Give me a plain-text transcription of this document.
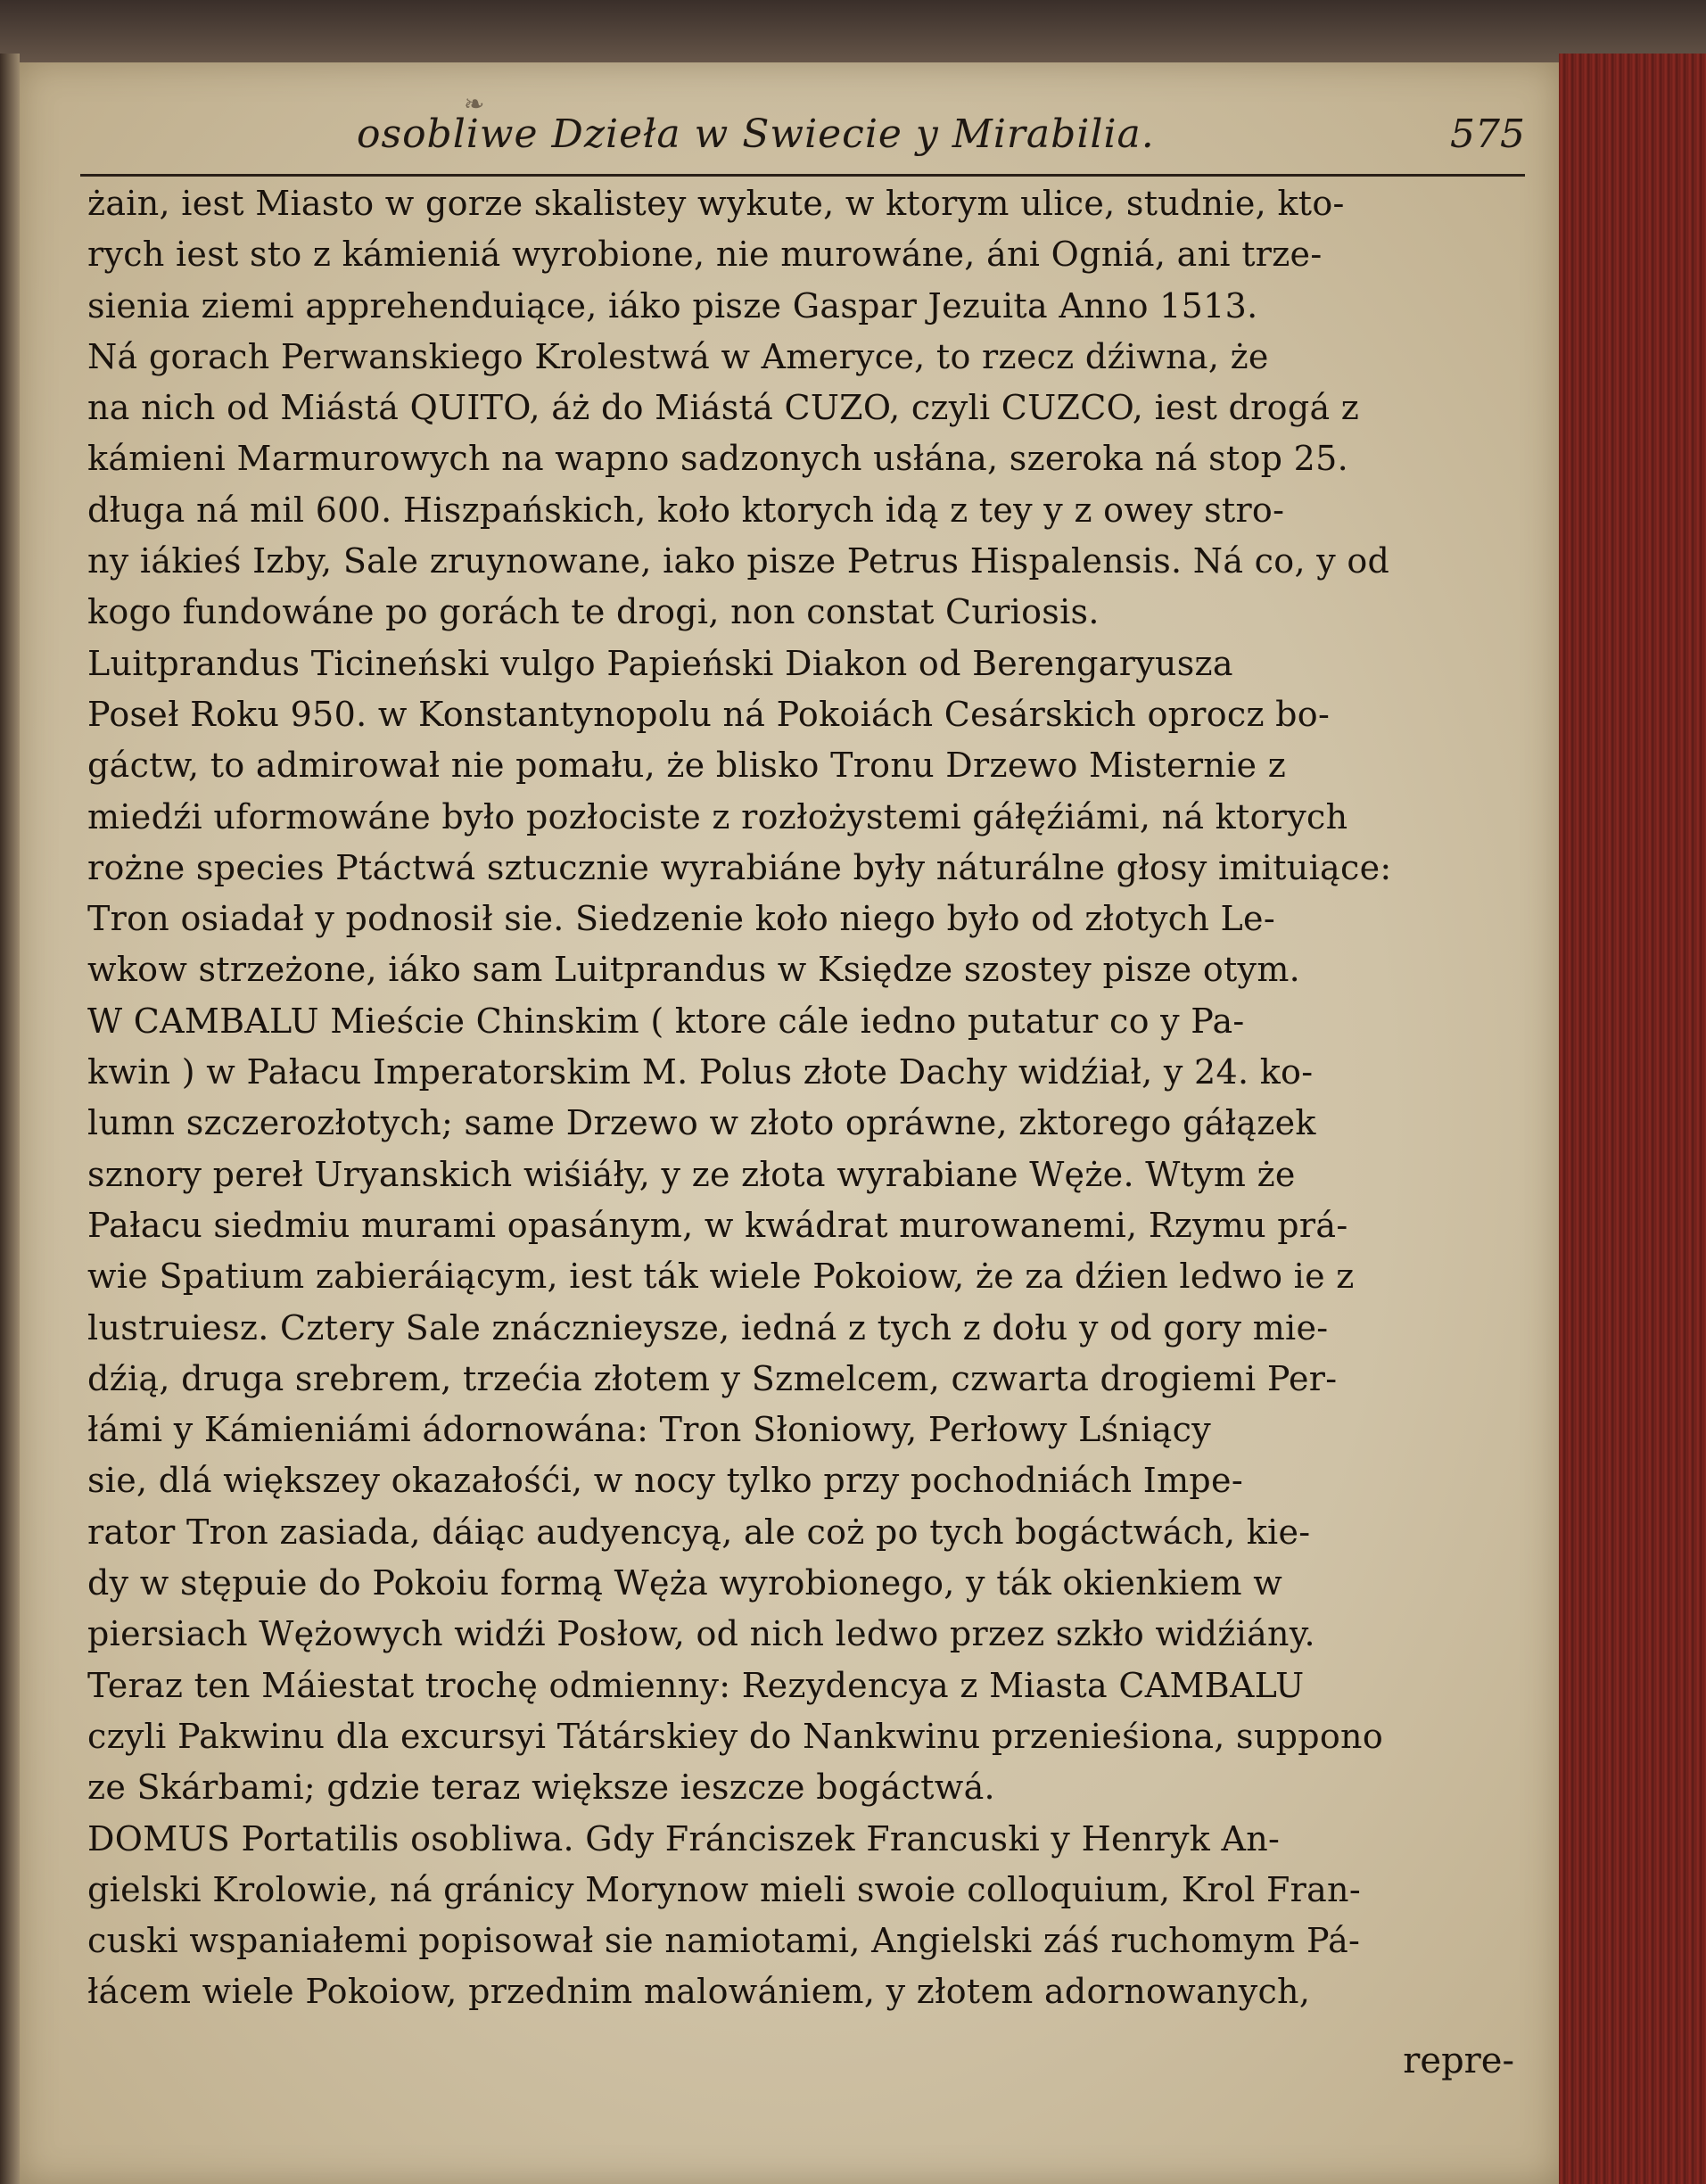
❧
osobliwe Dzieła w Swiecie y Mirabilia.	575
żain, iest Miasto w gorze skalistey wykute, w ktorym ulice, studnie, kto-
rych iest sto z kámieniá wyrobione, nie murowáne, áni Ogniá, ani trze-
sienia ziemi apprehenduiące, iáko pisze Gaspar Jezuita Anno 1513.
Ná gorach Perwanskiego Krolestwá w Ameryce, to rzecz dźiwna, że
na nich od Miástá QUITO, áż do Miástá CUZO, czyli CUZCO, iest drogá z
kámieni Marmurowych na wapno sadzonych usłána, szeroka ná stop 25.
długa ná mil 600. Hiszpańskich, koło ktorych idą z tey y z owey stro-
ny iákieś Izby, Sale zruynowane, iako pisze Petrus Hispalensis. Ná co, y od
kogo fundowáne po gorách te drogi, non constat Curiosis.
Luitprandus Ticineński vulgo Papieński Diakon od Berengaryusza
Poseł Roku 950. w Konstantynopolu ná Pokoiách Cesárskich oprocz bo-
gáctw, to admirował nie pomału, że blisko Tronu Drzewo Misternie z
miedźi uformowáne było pozłociste z rozłożystemi gáłęźiámi, ná ktorych
rożne species Ptáctwá sztucznie wyrabiáne były náturálne głosy imituiące:
Tron osiadał y podnosił sie. Siedzenie koło niego było od złotych Le-
wkow strzeżone, iáko sam Luitprandus w Księdze szostey pisze otym.
W CAMBALU Mieście Chinskim ( ktore cále iedno putatur co y Pa-
kwin ) w Pałacu Imperatorskim M. Polus złote Dachy widźiał, y 24. ko-
lumn szczerozłotych; same Drzewo w złoto opráwne, zktorego gáłązek
sznory pereł Uryanskich wiśiáły, y ze złota wyrabiane Węże. Wtym że
Pałacu siedmiu murami opasánym, w kwádrat murowanemi, Rzymu prá-
wie Spatium zabieráiącym, iest ták wiele Pokoiow, że za dźien ledwo ie z
lustruiesz. Cztery Sale znácznieysze, iedná z tych z dołu y od gory mie-
dźią, druga srebrem, trzećia złotem y Szmelcem, czwarta drogiemi Per-
łámi y Kámieniámi ádornowána: Tron Słoniowy, Perłowy Lśniący
sie, dlá większey okazałośći, w nocy tylko przy pochodniách Impe-
rator Tron zasiada, dáiąc audyencyą, ale coż po tych bogáctwách, kie-
dy w stępuie do Pokoiu formą Węża wyrobionego, y ták okienkiem w
piersiach Wężowych widźi Posłow, od nich ledwo przez szkło widźiány.
Teraz ten Máiestat trochę odmienny: Rezydencya z Miasta CAMBALU
czyli Pakwinu dla excursyi Tátárskiey do Nankwinu przenieśiona, suppono
ze Skárbami; gdzie teraz większe ieszcze bogáctwá.
DOMUS Portatilis osobliwa. Gdy Fránciszek Francuski y Henryk An-
gielski Krolowie, ná gránicy Morynow mieli swoie colloquium, Krol Fran-
cuski wspaniałemi popisował sie namiotami, Angielski záś ruchomym Pá-
łácem wiele Pokoiow, przednim malowániem, y złotem adornowanych,
repre-
